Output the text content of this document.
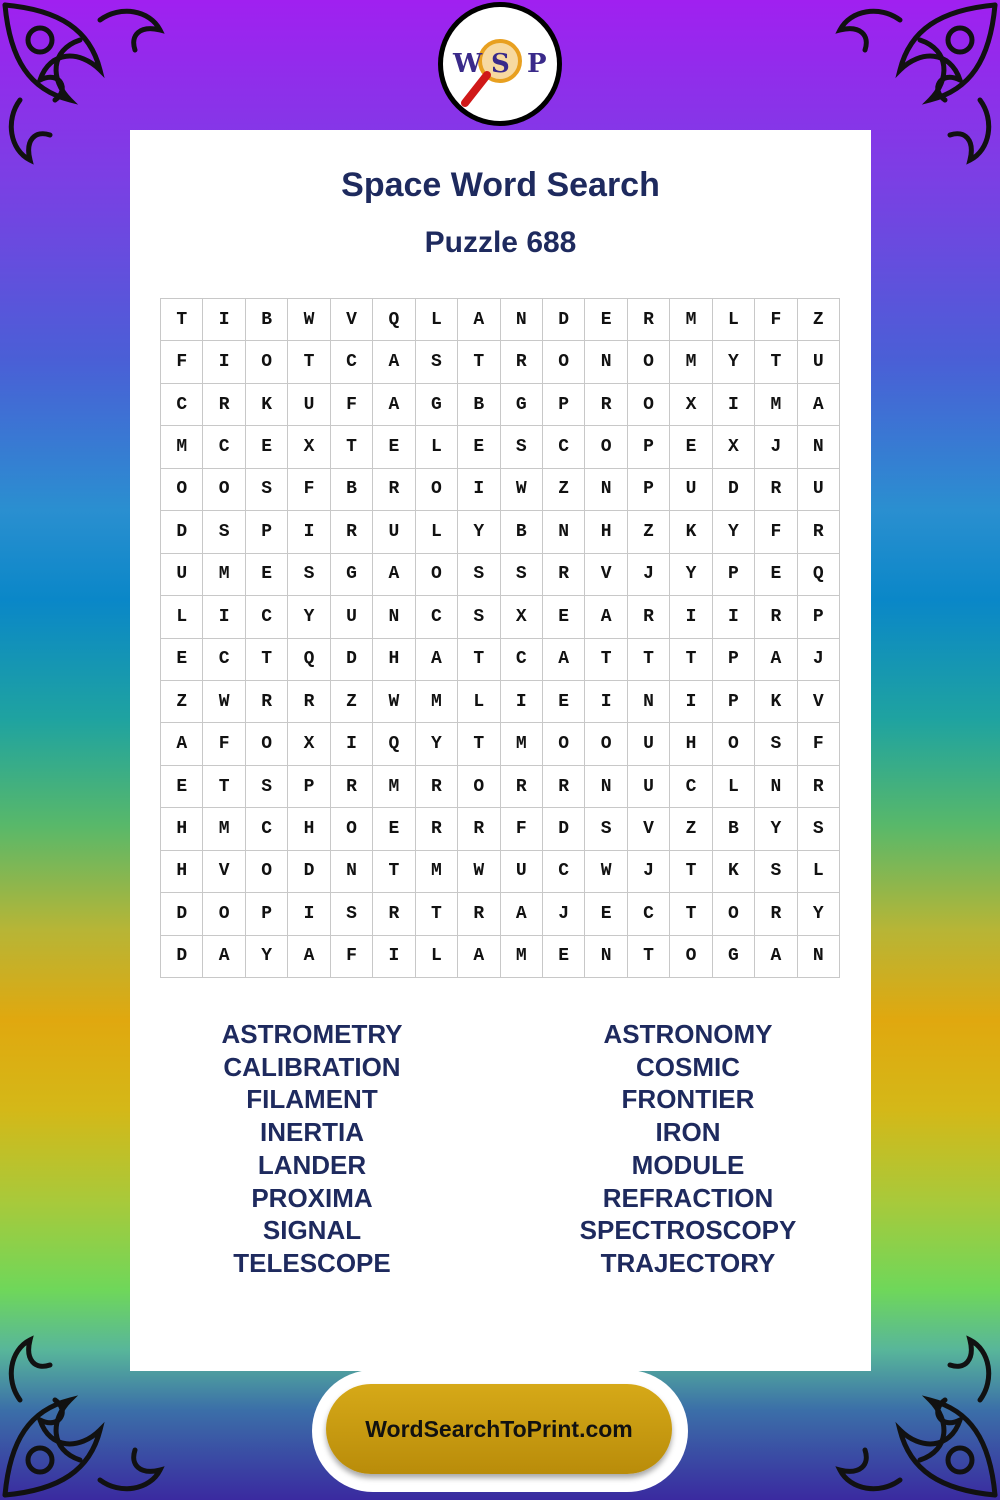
W S P
Space Word Search
Puzzle 688
T	I	B	W	V	Q	L	A	N	D	E	R	M	L	F	Z
F	I	O	T	C	A	S	T	R	O	N	O	M	Y	T	U
C	R	K	U	F	A	G	B	G	P	R	O	X	I	M	A
M	C	E	X	T	E	L	E	S	C	O	P	E	X	J	N
O	O	S	F	B	R	O	I	W	Z	N	P	U	D	R	U
D	S	P	I	R	U	L	Y	B	N	H	Z	K	Y	F	R
U	M	E	S	G	A	O	S	S	R	V	J	Y	P	E	Q
L	I	C	Y	U	N	C	S	X	E	A	R	I	I	R	P
E	C	T	Q	D	H	A	T	C	A	T	T	T	P	A	J
Z	W	R	R	Z	W	M	L	I	E	I	N	I	P	K	V
A	F	O	X	I	Q	Y	T	M	O	O	U	H	O	S	F
E	T	S	P	R	M	R	O	R	R	N	U	C	L	N	R
H	M	C	H	O	E	R	R	F	D	S	V	Z	B	Y	S
H	V	O	D	N	T	M	W	U	C	W	J	T	K	S	L
D	O	P	I	S	R	T	R	A	J	E	C	T	O	R	Y
D	A	Y	A	F	I	L	A	M	E	N	T	O	G	A	N
ASTROMETRY
CALIBRATION
FILAMENT
INERTIA
LANDER
PROXIMA
SIGNAL
TELESCOPE
ASTRONOMY
COSMIC
FRONTIER
IRON
MODULE
REFRACTION
SPECTROSCOPY
TRAJECTORY
WordSearchToPrint.com
